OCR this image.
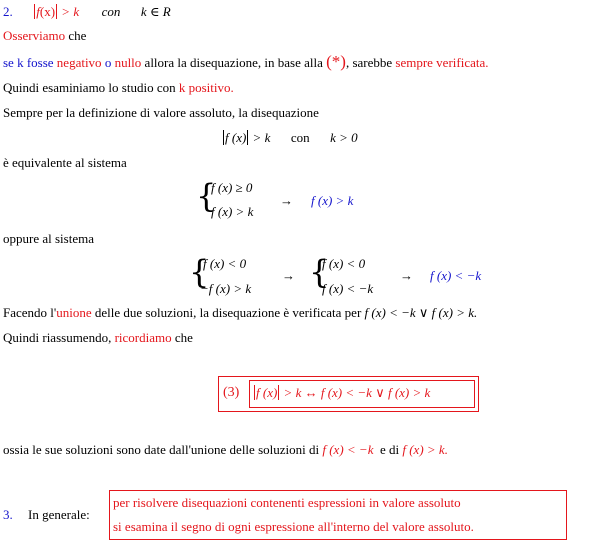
2. f(x) > k con k ∈ R
Osserviamo che
se k fosse negativo o nullo allora la disequazione, in base alla (*), sarebbe sempre verificata.
Quindi esaminiamo lo studio con k positivo.
Sempre per la definizione di valore assoluto, la disequazione
f (x) > k con k > 0
è equivalente al sistema
{
f (x) ≥ 0
f (x) > k
→ f (x) > k
oppure al sistema
{
f (x) < 0
−f (x) > k
→ {
f (x) < 0
f (x) < −k
→ f (x) < −k
Facendo l'unione delle due soluzioni, la disequazione è verificata per f (x) < −k ∨ f (x) > k.
Quindi riassumendo, ricordiamo che
(3) f (x) > k ↔ f (x) < −k ∨ f (x) > k
ossia le sue soluzioni sono date dall'unione delle soluzioni di f (x) < −k  e di f (x) > k.
3. In generale:
per risolvere disequazioni contenenti espressioni in valore assoluto
si esamina il segno di ogni espressione all'interno del valore assoluto.
